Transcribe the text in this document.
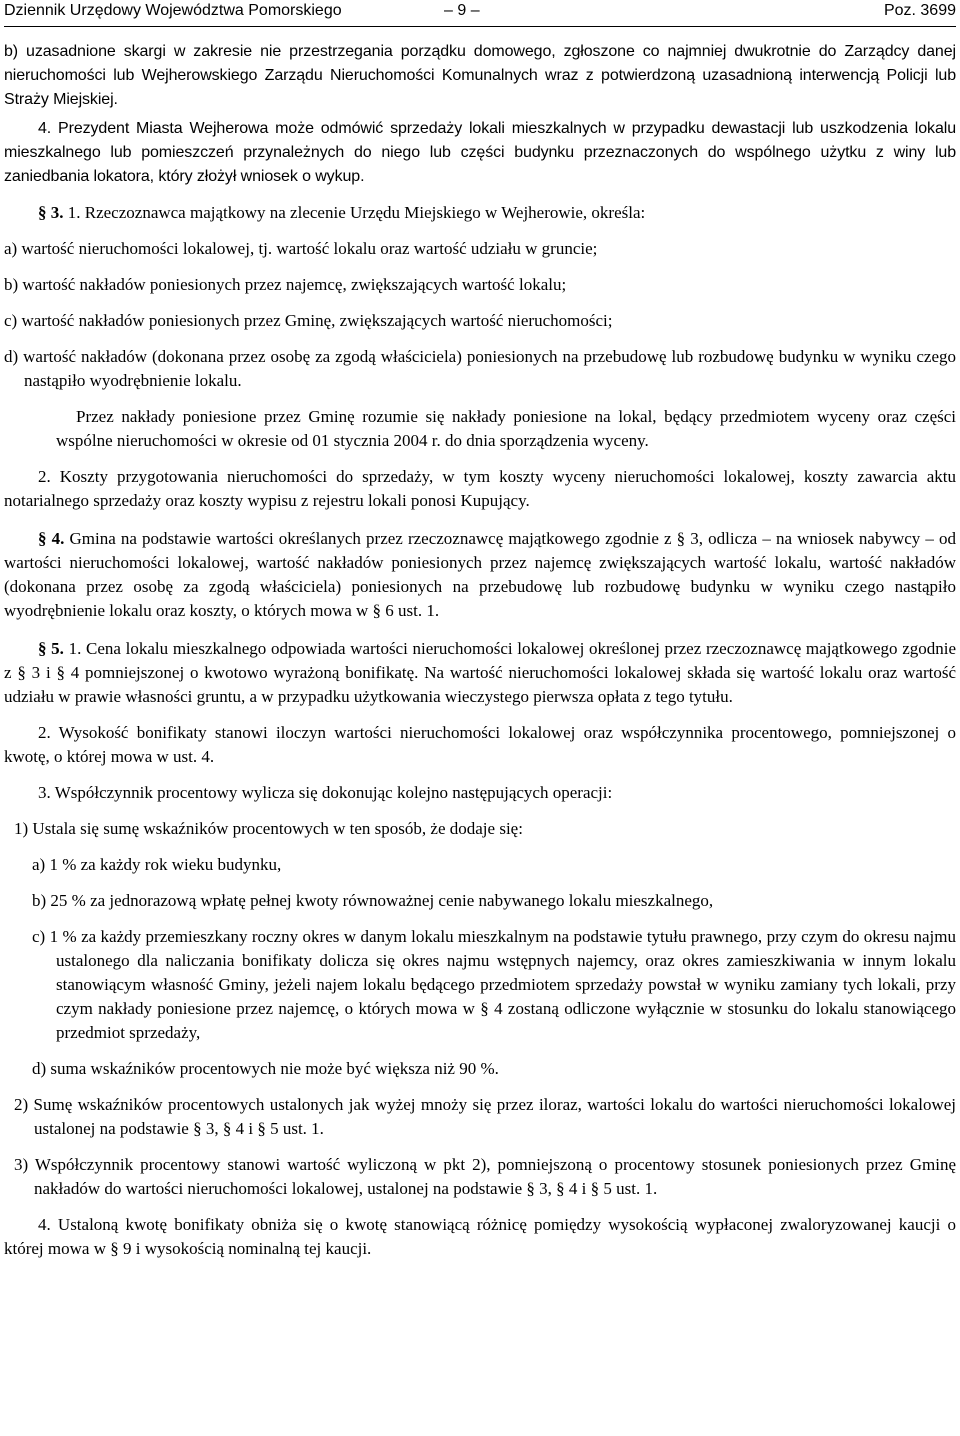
Dziennik Urzędowy Województwa Pomorskiego	– 9 –	Poz. 3699

b) uzasadnione skargi w zakresie nie przestrzegania porządku domowego, zgłoszone co najmniej dwukrotnie do Zarządcy danej nieruchomości lub Wejherowskiego Zarządu Nieruchomości Komunalnych wraz z potwierdzoną uzasadnioną interwencją Policji lub Straży Miejskiej.

4. Prezydent Miasta Wejherowa może odmówić sprzedaży lokali mieszkalnych w przypadku dewastacji lub uszkodzenia lokalu mieszkalnego lub pomieszczeń przynależnych do niego lub części budynku przeznaczonych do wspólnego użytku z winy lub zaniedbania lokatora, który złożył wniosek o wykup.

§ 3. 1. Rzeczoznawca majątkowy na zlecenie Urzędu Miejskiego w Wejherowie, określa:

a) wartość nieruchomości lokalowej, tj. wartość lokalu oraz wartość udziału w gruncie;

b) wartość nakładów poniesionych przez najemcę, zwiększających wartość lokalu;

c) wartość nakładów poniesionych przez Gminę, zwiększających wartość nieruchomości;

d) wartość nakładów (dokonana przez osobę za zgodą właściciela) poniesionych na przebudowę lub rozbudowę budynku w wyniku czego nastąpiło wyodrębnienie lokalu.

Przez nakłady poniesione przez Gminę rozumie się nakłady poniesione na lokal, będący przedmiotem wyceny oraz części wspólne nieruchomości w okresie od 01 stycznia 2004 r. do dnia sporządzenia wyceny.

2. Koszty przygotowania nieruchomości do sprzedaży, w tym koszty wyceny nieruchomości lokalowej, koszty zawarcia aktu notarialnego sprzedaży oraz koszty wypisu z rejestru lokali ponosi Kupujący.

§ 4. Gmina na podstawie wartości określanych przez rzeczoznawcę majątkowego zgodnie z § 3, odlicza – na wniosek nabywcy – od wartości nieruchomości lokalowej, wartość nakładów poniesionych przez najemcę zwiększających wartość lokalu, wartość nakładów (dokonana przez osobę za zgodą właściciela) poniesionych na przebudowę lub rozbudowę budynku w wyniku czego nastąpiło wyodrębnienie lokalu oraz koszty, o których mowa w § 6 ust. 1.

§ 5. 1. Cena lokalu mieszkalnego odpowiada wartości nieruchomości lokalowej określonej przez rzeczoznawcę majątkowego zgodnie z § 3 i § 4 pomniejszonej o kwotowo wyrażoną bonifikatę. Na wartość nieruchomości lokalowej składa się wartość lokalu oraz wartość udziału w prawie własności gruntu, a w przypadku użytkowania wieczystego pierwsza opłata z tego tytułu.

2. Wysokość bonifikaty stanowi iloczyn wartości nieruchomości lokalowej oraz współczynnika procentowego, pomniejszonej o kwotę, o której mowa w ust. 4.

3. Współczynnik procentowy wylicza się dokonując kolejno następujących operacji:

1) Ustala się sumę wskaźników procentowych w ten sposób, że dodaje się:

a) 1 % za każdy rok wieku budynku,

b) 25 % za jednorazową wpłatę pełnej kwoty równoważnej cenie nabywanego lokalu mieszkalnego,

c) 1 % za każdy przemieszkany roczny okres w danym lokalu mieszkalnym na podstawie tytułu prawnego, przy czym do okresu najmu ustalonego dla naliczania bonifikaty dolicza się okres najmu wstępnych najemcy, oraz okres zamieszkiwania w innym lokalu stanowiącym własność Gminy, jeżeli najem lokalu będącego przedmiotem sprzedaży powstał w wyniku zamiany tych lokali, przy czym nakłady poniesione przez najemcę, o których mowa w § 4 zostaną odliczone wyłącznie w stosunku do lokalu stanowiącego przedmiot sprzedaży,

d) suma wskaźników procentowych nie może być większa niż 90 %.

2) Sumę wskaźników procentowych ustalonych jak wyżej mnoży się przez iloraz, wartości lokalu do wartości nieruchomości lokalowej ustalonej na podstawie § 3, § 4 i § 5 ust. 1.

3) Współczynnik procentowy stanowi wartość wyliczoną w pkt 2), pomniejszoną o procentowy stosunek poniesionych przez Gminę nakładów do wartości nieruchomości lokalowej, ustalonej na podstawie § 3, § 4 i § 5 ust. 1.

4. Ustaloną kwotę bonifikaty obniża się o kwotę stanowiącą różnicę pomiędzy wysokością wypłaconej zwaloryzowanej kaucji o której mowa w § 9 i wysokością nominalną tej kaucji.
